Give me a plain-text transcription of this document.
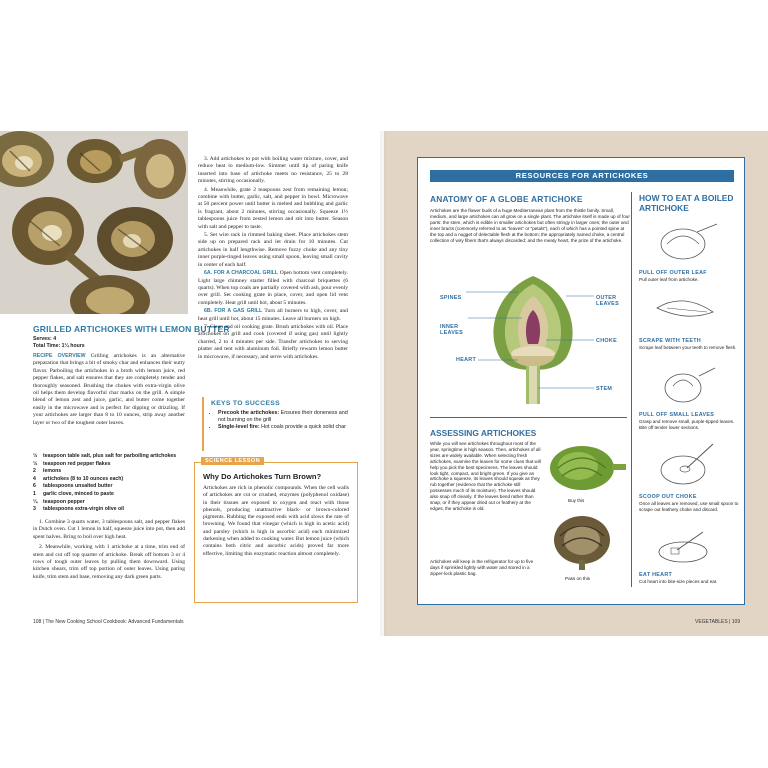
GRILLED ARTICHOKES WITH LEMON BUTTER
Serves: 4
Total Time: 1¼ hours
RECIPE OVERVIEW Grilling artichokes is an alternative preparation that brings a bit of smoky char and enhances their nutty flavor. Parboiling the artichokes in a broth with lemon juice, red pepper flakes, and salt ensures that they are completely tender and thoroughly seasoned. Brushing the chokes with extra-virgin olive oil helps them develop flavorful char marks on the grill. A simple blend of lemon zest and juice, garlic, and butter come together easily in the microwave and is perfect for dipping or drizzling. If your artichokes are larger than 8 to 10 ounces, strip away another layer or two of the toughest outer leaves.
½ teaspoon table salt, plus salt for parboiling artichokes
½ teaspoon red pepper flakes
2 lemons
4 artichokes (8 to 10 ounces each)
6 tablespoons unsalted butter
1 garlic clove, minced to paste
¼ teaspoon pepper
3 tablespoons extra-virgin olive oil

1. Combine 3 quarts water, 3 tablespoons salt, and pepper flakes in Dutch oven. Cut 1 lemon in half, squeeze juice into pot, then add spent halves. Bring to boil over high heat.

2. Meanwhile, working with 1 artichoke at a time, trim end of stem and cut off top quarter of artichoke. Break off bottom 3 or 4 rows of tough outer leaves by pulling them downward. Using kitchen shears, trim off top portion of outer leaves. Using paring knife, trim stem and base, removing any dark green parts.

3. Add artichokes to pot with boiling water mixture, cover, and reduce heat to medium-low. Simmer until tip of paring knife inserted into base of artichoke meets no resistance, 25 to 28 minutes, stirring occasionally.

4. Meanwhile, grate 2 teaspoons zest from remaining lemon; combine with butter, garlic, salt, and pepper in bowl. Microwave at 50 percent power until butter is melted and bubbling and garlic is fragrant, about 2 minutes, stirring occasionally. Squeeze 1½ tablespoons juice from zested lemon and stir into butter. Season with salt and pepper to taste.

5. Set wire rack in rimmed baking sheet. Place artichokes stem side up on prepared rack and let drain for 10 minutes. Cut artichokes in half lengthwise. Remove fuzzy choke and any tiny inner purple-tinged leaves using small spoon, leaving small cavity in center of each half.

6A. FOR A CHARCOAL GRILL Open bottom vent completely. Light large chimney starter filled with charcoal briquettes (6 quarts). When top coals are partially covered with ash, pour evenly over grill. Set cooking grate in place, cover, and open lid vent completely. Heat grill until hot, about 5 minutes.

6B. FOR A GAS GRILL Turn all burners to high, cover, and heat grill until hot, about 15 minutes. Leave all burners on high.

7. Clean and oil cooking grate. Brush artichokes with oil. Place artichokes on grill and cook (covered if using gas) until lightly charred, 2 to 4 minutes per side. Transfer artichokes to serving platter and tent with aluminum foil. Briefly rewarm lemon butter in microwave, if necessary, and serve with artichokes.

KEYS TO SUCCESS
• Precook the artichokes: Ensures their doneness and not burning on the grill
• Single-level fire: Hot coals provide a quick solid char
SCIENCE LESSON
Why Do Artichokes Turn Brown?
Artichokes are rich in phenolic compounds. When the cell walls of artichokes are cut or crushed, enzymes (polyphenol oxidase) in their tissues are exposed to oxygen and react with those phenols, producing unattractive black- or brown-colored pigments. Rubbing the exposed ends with acid slows the rate of browning. We found that vinegar (which is high in acetic acid) and parsley (which is high in ascorbic acid) each minimized darkening when added to cooking water. But lemon juice (which contains both citric and ascorbic acids) proved far more effective, limiting this enzymatic reaction almost completely.
108 | The New Cooking School Cookbook: Advanced Fundamentals	VEGETABLES | 109
RESOURCES FOR ARTICHOKES
ANATOMY OF A GLOBE ARTICHOKE
Artichokes are the flower buds of a huge Mediterranean plant from the thistle family. Small, medium, and large artichokes can all grow on a single plant. The artichoke itself is made up of four parts: the stem, which is edible in smaller artichokes but often stringy in larger ones; the outer and inner bracts (commonly referred to as “leaves” or “petals”), each of which has a pointed spine at the top and a nugget of delectable flesh at the bottom; the appropriately named choke, a central collection of wiry fibers that’s always discarded; and the meaty heart, the prize of the artichoke.
SPINES	OUTER
LEAVES
INNER
LEAVES
CHOKE
HEART
STEM
ASSESSING ARTICHOKES
While you will see artichokes throughout most of the year, springtime is high season. Then, artichokes of all sizes are widely available. When selecting fresh artichokes, examine the leaves for some clues that will help you pick the best specimens. The leaves should look tight, compact, and bright green. If you give an artichoke a squeeze, its leaves should squeak as they rub together (evidence that the artichoke still possesses much of its moisture). The leaves should also snap off cleanly. If the leaves bend rather than snap, or if they appear dried out or feathery at the edges, the artichoke is old.
Artichokes will keep in the refrigerator for up to five days if sprinkled lightly with water and stored in a zipper-lock plastic bag.
Buy this
Pass on this
HOW TO EAT A BOILED ARTICHOKE
PULL OFF OUTER LEAF
Pull outer leaf from artichoke.
SCRAPE WITH TEETH
Scrape leaf between your teeth to remove flesh.
PULL OFF SMALL LEAVES
Grasp and remove small, purple-tipped leaves. Bite off tender lower sections.
SCOOP OUT CHOKE
Once all leaves are removed, use small spoon to scrape out feathery choke and discard.
EAT HEART
Cut heart into bite-size pieces and eat.
